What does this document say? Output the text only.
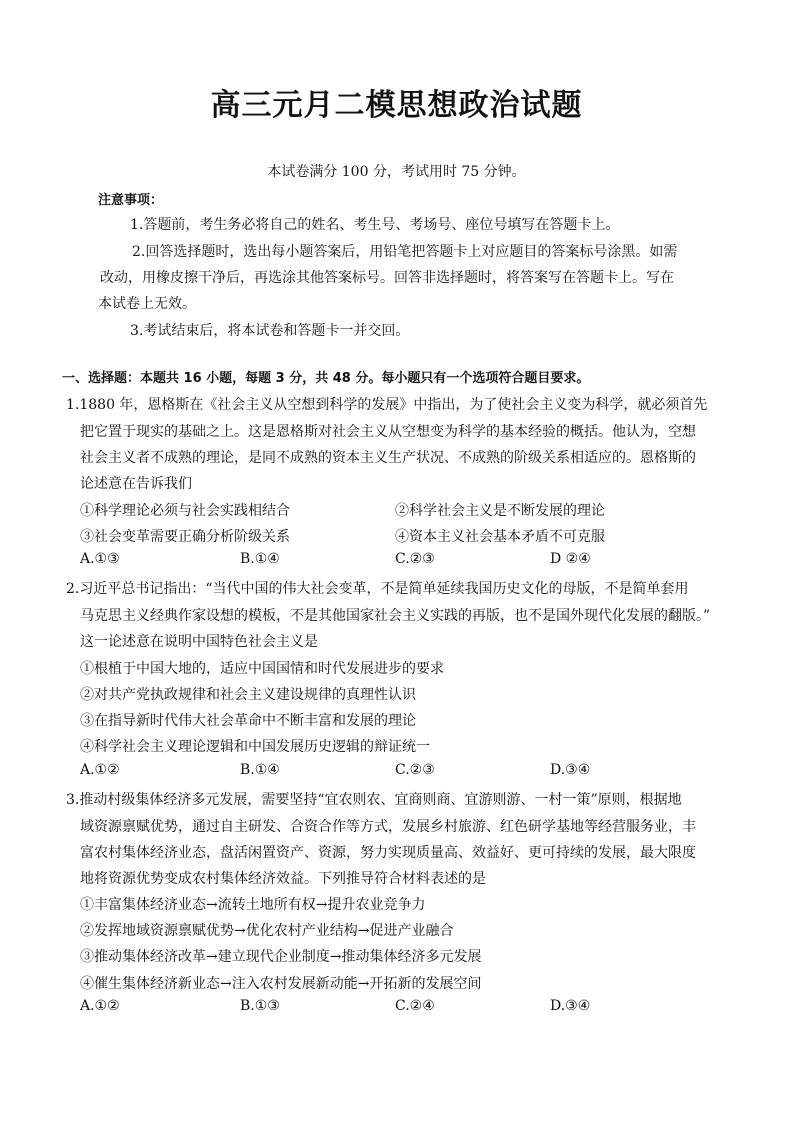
高三元月二模思想政治试题
本试卷满分 100 分，考试用时 75 分钟。
注意事项：
1.答题前，考生务必将自己的姓名、考生号、考场号、座位号填写在答题卡上。
2.回答选择题时，选出每小题答案后，用铅笔把答题卡上对应题目的答案标号涂黑。如需
改动，用橡皮擦干净后，再选涂其他答案标号。回答非选择题时，将答案写在答题卡上。写在
本试卷上无效。
3.考试结束后，将本试卷和答题卡一并交回。
一、选择题：本题共 16 小题，每题 3 分，共 48 分。每小题只有一个选项符合题目要求。
1.1880 年，恩格斯在《社会主义从空想到科学的发展》中指出，为了使社会主义变为科学，就必须首先
把它置于现实的基础之上。这是恩格斯对社会主义从空想变为科学的基本经验的概括。他认为，空想
社会主义者不成熟的理论，是同不成熟的资本主义生产状况、不成熟的阶级关系相适应的。恩格斯的
论述意在告诉我们
①科学理论必须与社会实践相结合	②科学社会主义是不断发展的理论
③社会变革需要正确分析阶级关系	④资本主义社会基本矛盾不可克服
A.①③	B.①④	C.②③	D ②④
2.习近平总书记指出：“当代中国的伟大社会变革，不是简单延续我国历史文化的母版，不是简单套用
马克思主义经典作家设想的模板，不是其他国家社会主义实践的再版，也不是国外现代化发展的翻版。”
这一论述意在说明中国特色社会主义是
①根植于中国大地的，适应中国国情和时代发展进步的要求
②对共产党执政规律和社会主义建设规律的真理性认识
③在指导新时代伟大社会革命中不断丰富和发展的理论
④科学社会主义理论逻辑和中国发展历史逻辑的辩证统一
A.①②	B.①④	C.②③	D.③④
3.推动村级集体经济多元发展，需要坚持“宜农则农、宜商则商、宜游则游、一村一策”原则，根据地
域资源禀赋优势，通过自主研发、合资合作等方式，发展乡村旅游、红色研学基地等经营服务业，丰
富农村集体经济业态，盘活闲置资产、资源，努力实现质量高、效益好、更可持续的发展，最大限度
地将资源优势变成农村集体经济效益。下列推导符合材料表述的是
①丰富集体经济业态→流转土地所有权→提升农业竞争力
②发挥地域资源禀赋优势→优化农村产业结构→促进产业融合
③推动集体经济改革→建立现代企业制度→推动集体经济多元发展
④催生集体经济新业态→注入农村发展新动能→开拓新的发展空间
A.①②	B.①③	C.②④	D.③④
